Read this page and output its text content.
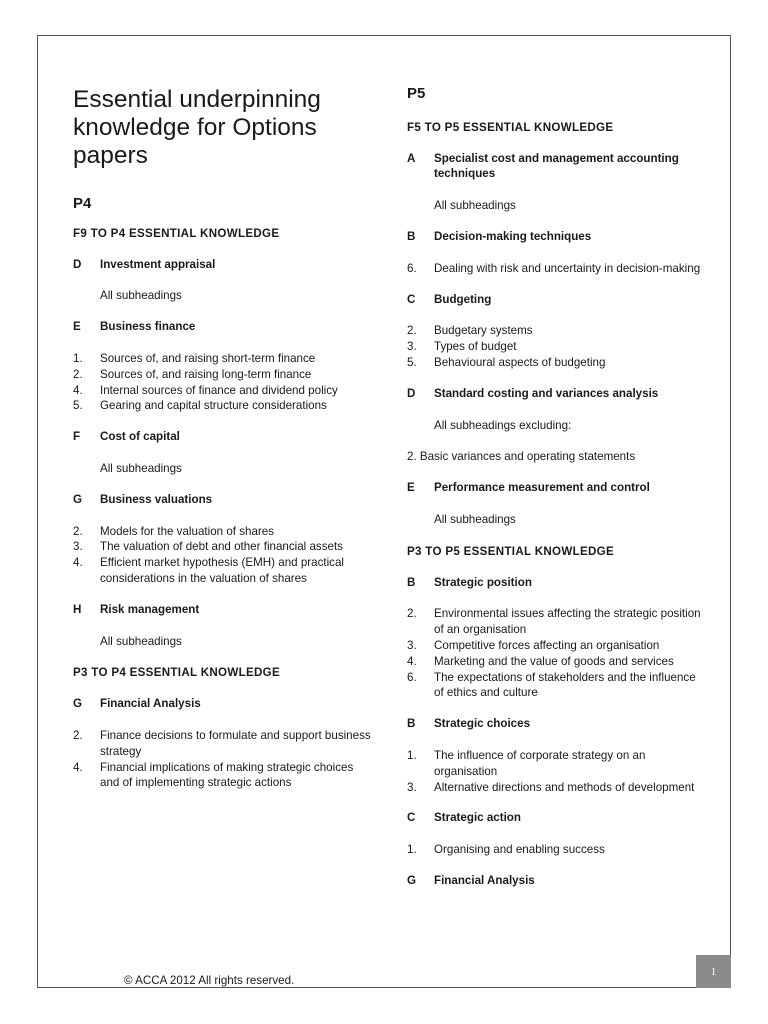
Essential underpinning knowledge for Options papers
P4
F9 TO P4 ESSENTIAL KNOWLEDGE
D	Investment appraisal
All subheadings
E	Business finance
1.	Sources of, and raising short-term finance
2.	Sources of, and raising long-term finance
4.	Internal sources of finance and dividend policy
5.	Gearing and capital structure considerations
F	Cost of capital
All subheadings
G	Business valuations
2.	Models for the valuation of shares
3.	The valuation of debt and other financial assets
4.	Efficient market hypothesis (EMH) and practical considerations in the valuation of shares
H	Risk management
All subheadings
P3 TO P4 ESSENTIAL KNOWLEDGE
G	Financial Analysis
2.	Finance decisions to formulate and support business strategy
4.	Financial implications of making strategic choices and of implementing strategic actions
P5
F5 TO P5 ESSENTIAL KNOWLEDGE
A	Specialist cost and management accounting techniques
All subheadings
B	Decision-making techniques
6.	Dealing with risk and uncertainty in decision-making
C	Budgeting
2.	Budgetary systems
3.	Types of budget
5.	Behavioural aspects of budgeting
D	Standard costing and variances analysis
All subheadings excluding:
2. Basic variances and operating statements
E	Performance measurement and control
All subheadings
P3 TO P5 ESSENTIAL KNOWLEDGE
B	Strategic position
2.	Environmental issues affecting the strategic position of an organisation
3.	Competitive forces affecting an organisation
4.	Marketing and the value of goods and services
6.	The expectations of stakeholders and the influence of ethics and culture
B	Strategic choices
1.	The influence of corporate strategy on an organisation
3.	Alternative directions and methods of development
C	Strategic action
1.	Organising and enabling success
G	Financial Analysis
© ACCA 2012 All rights reserved.
1
